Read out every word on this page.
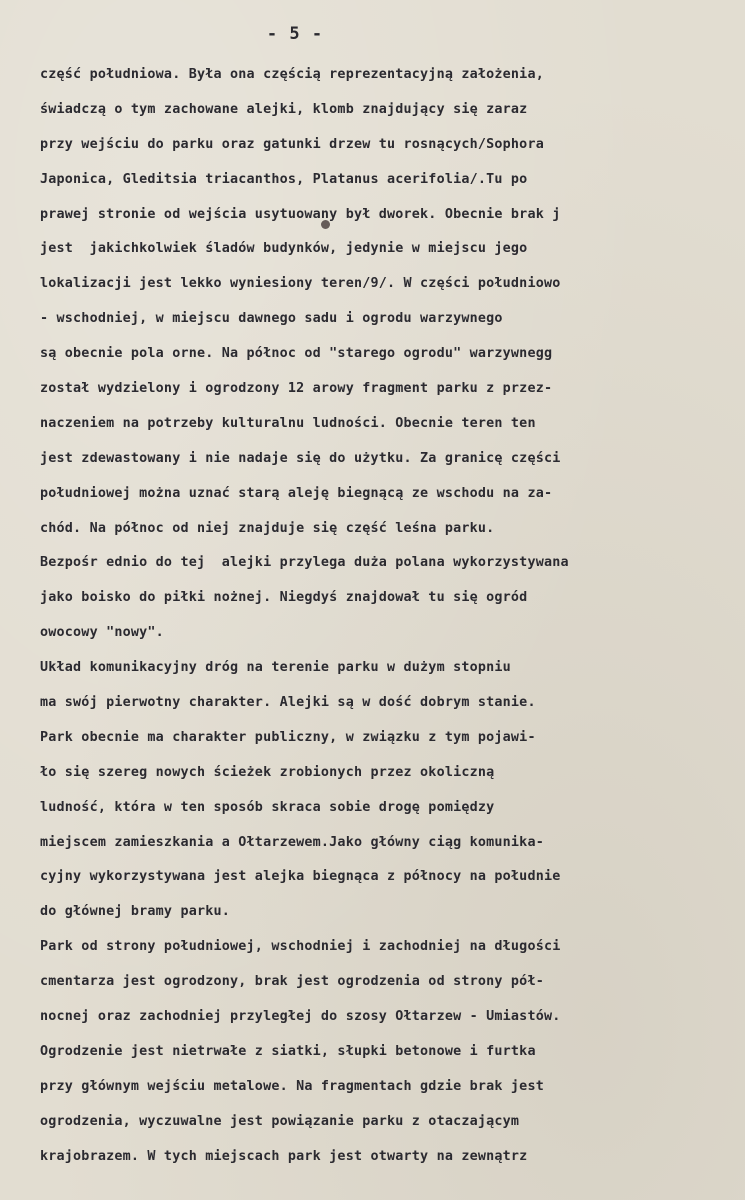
- 5 -
część południowa. Była ona częścią reprezentacyjną założenia,
świadczą o tym zachowane alejki, klomb znajdujący się zaraz
przy wejściu do parku oraz gatunki drzew tu rosnących/Sophora
Japonica, Gleditsia triacanthos, Platanus acerifolia/.Tu po
prawej stronie od wejścia usytuowany był dworek. Obecnie brak j
jest  jakichkolwiek śladów budynków, jedynie w miejscu jego
lokalizacji jest lekko wyniesiony teren/9/. W części południowo
- wschodniej, w miejscu dawnego sadu i ogrodu warzywnego
są obecnie pola orne. Na północ od "starego ogrodu" warzywnegg
został wydzielony i ogrodzony 12 arowy fragment parku z przez-
naczeniem na potrzeby kulturalnu ludności. Obecnie teren ten
jest zdewastowany i nie nadaje się do użytku. Za granicę części
południowej można uznać starą aleję biegnącą ze wschodu na za-
chód. Na północ od niej znajduje się część leśna parku.
Bezpośr ednio do tej  alejki przylega duża polana wykorzystywana
jako boisko do piłki nożnej. Niegdyś znajdował tu się ogród
owocowy "nowy".
Układ komunikacyjny dróg na terenie parku w dużym stopniu
ma swój pierwotny charakter. Alejki są w dość dobrym stanie.
Park obecnie ma charakter publiczny, w związku z tym pojawi-
ło się szereg nowych ścieżek zrobionych przez okoliczną
ludność, która w ten sposób skraca sobie drogę pomiędzy
miejscem zamieszkania a Ołtarzewem.Jako główny ciąg komunika-
cyjny wykorzystywana jest alejka biegnąca z północy na południe
do głównej bramy parku.
Park od strony południowej, wschodniej i zachodniej na długości
cmentarza jest ogrodzony, brak jest ogrodzenia od strony pół-
nocnej oraz zachodniej przyległej do szosy Ołtarzew - Umiastów.
Ogrodzenie jest nietrwałe z siatki, słupki betonowe i furtka
przy głównym wejściu metalowe. Na fragmentach gdzie brak jest
ogrodzenia, wyczuwalne jest powiązanie parku z otaczającym
krajobrazem. W tych miejscach park jest otwarty na zewnątrz
